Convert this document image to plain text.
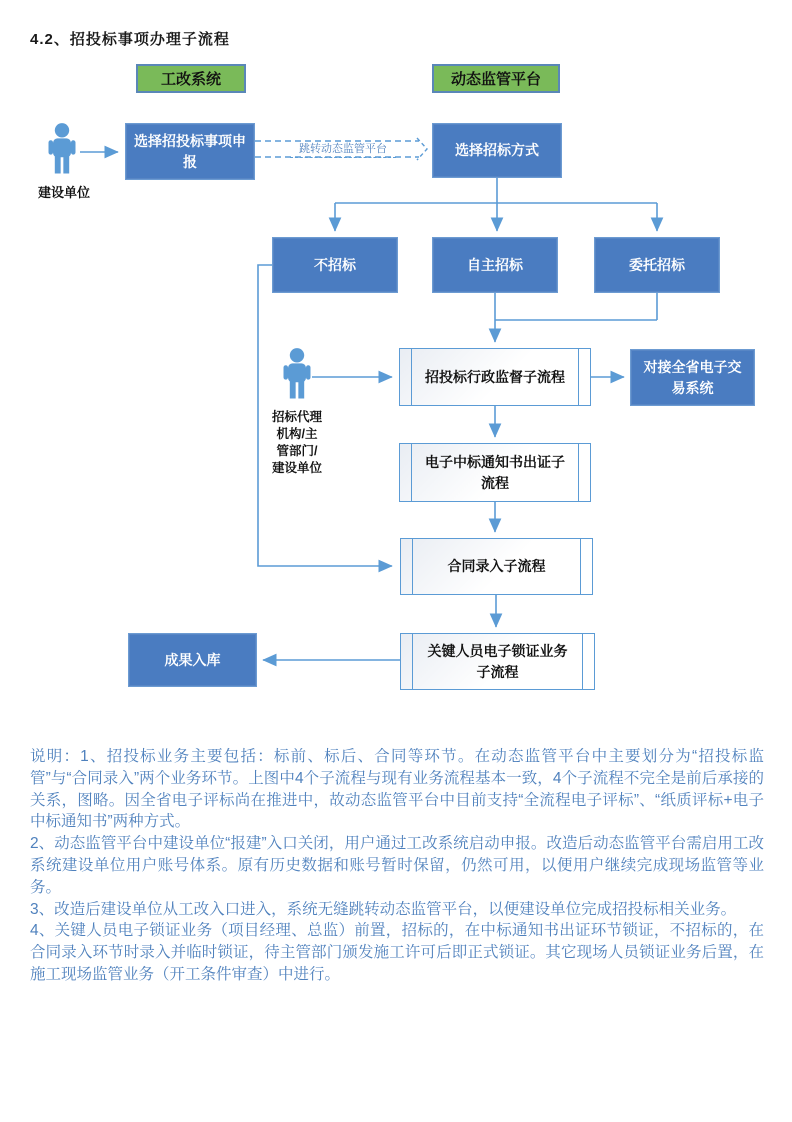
4.2、招投标事项办理子流程
工改系统	动态监管平台
建设单位
选择招投标事项申报
跳转动态监管平台	选择招标方式
不招标	自主招标	委托招标
招标代理
机构/主
管部门/
建设单位
招投标行政监督子流程
对接全省电子交易系统
电子中标通知书出证子流程
合同录入子流程
关键人员电子锁证业务子流程
成果入库

说明：1、招投标业务主要包括：标前、标后、合同等环节。在动态监管平台中主要划分为“招投标监管”与“合同录入”两个业务环节。上图中4个子流程与现有业务流程基本一致，4个子流程不完全是前后承接的关系，图略。因全省电子评标尚在推进中，故动态监管平台中目前支持“全流程电子评标”、“纸质评标+电子中标通知书”两种方式。

2、动态监管平台中建设单位“报建”入口关闭，用户通过工改系统启动申报。改造后动态监管平台需启用工改系统建设单位用户账号体系。原有历史数据和账号暂时保留，仍然可用，以便用户继续完成现场监管等业务。

3、改造后建设单位从工改入口进入，系统无缝跳转动态监管平台，以便建设单位完成招投标相关业务。

4、关键人员电子锁证业务（项目经理、总监）前置，招标的，在中标通知书出证环节锁证，不招标的，在合同录入环节时录入并临时锁证，待主管部门颁发施工许可后即正式锁证。其它现场人员锁证业务后置，在施工现场监管业务（开工条件审查）中进行。
